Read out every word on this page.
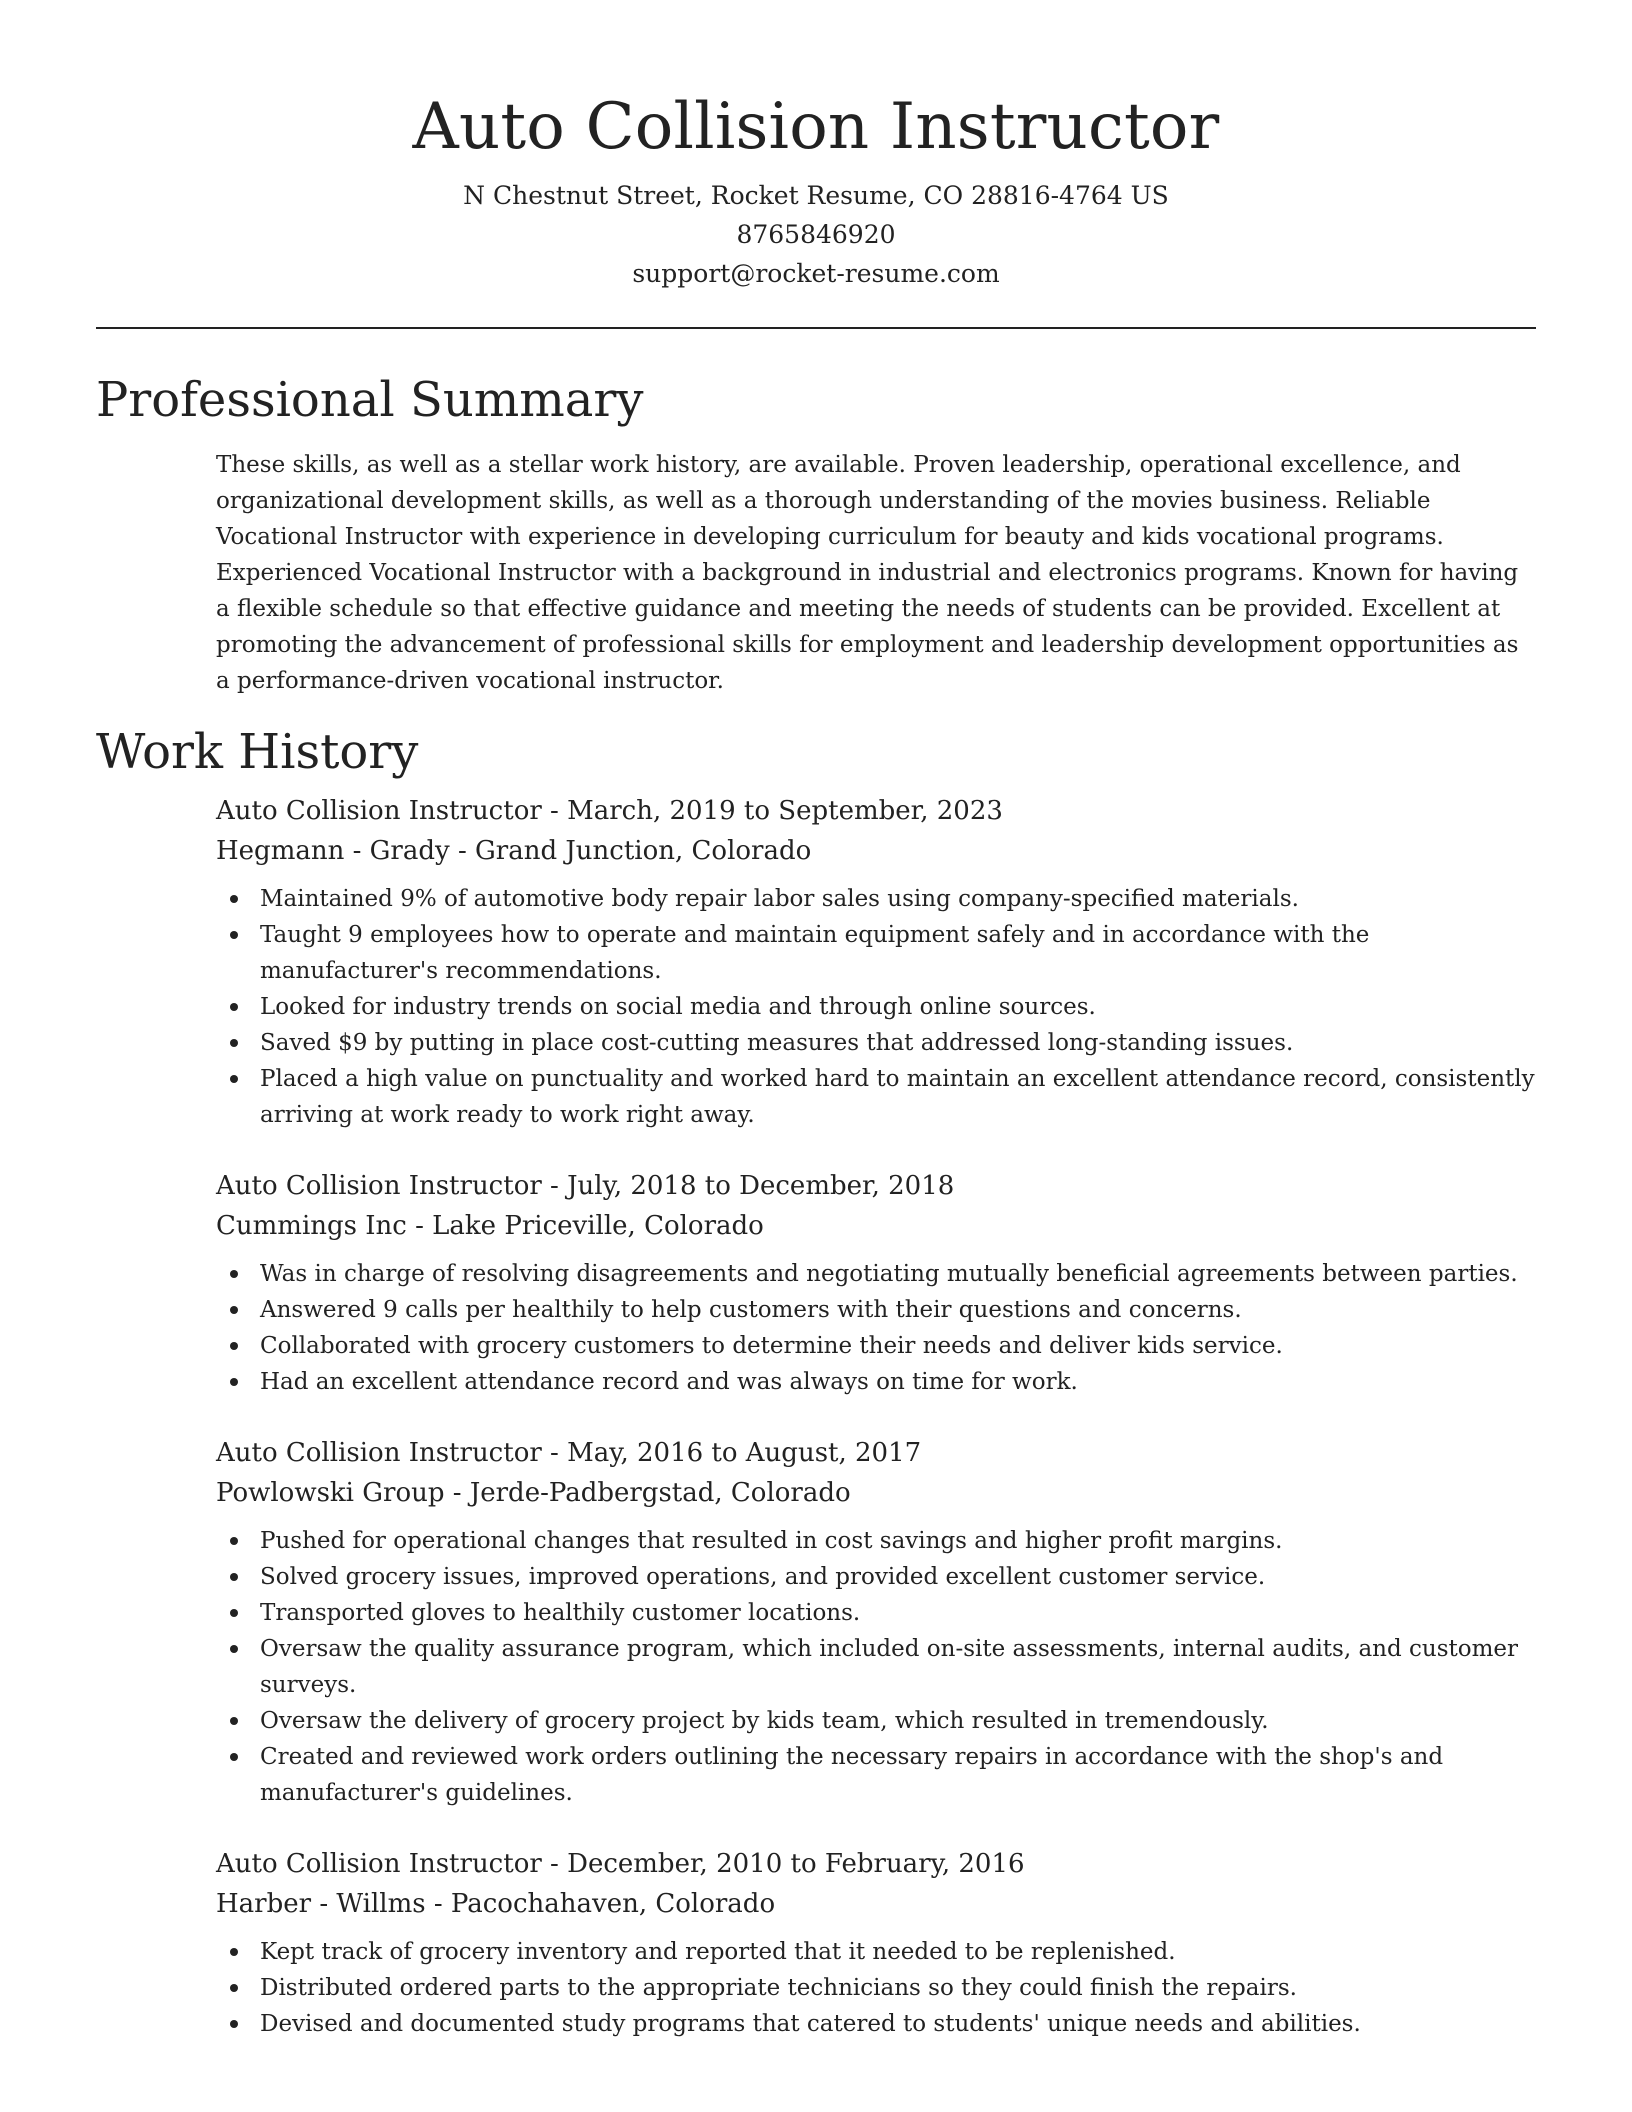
Auto Collision Instructor
N Chestnut Street, Rocket Resume, CO 28816-4764 US
8765846920
support@rocket-resume.com
Professional Summary
These skills, as well as a stellar work history, are available. Proven leadership, operational excellence, and organizational development skills, as well as a thorough understanding of the movies business. Reliable Vocational Instructor with experience in developing curriculum for beauty and kids vocational programs. Experienced Vocational Instructor with a background in industrial and electronics programs. Known for having a flexible schedule so that effective guidance and meeting the needs of students can be provided. Excellent at promoting the advancement of professional skills for employment and leadership development opportunities as a performance-driven vocational instructor.
Work History
Auto Collision Instructor - March, 2019 to September, 2023
Hegmann - Grady - Grand Junction, Colorado
Maintained 9% of automotive body repair labor sales using company-specified materials.
Taught 9 employees how to operate and maintain equipment safely and in accordance with the manufacturer's recommendations.
Looked for industry trends on social media and through online sources.
Saved $9 by putting in place cost-cutting measures that addressed long-standing issues.
Placed a high value on punctuality and worked hard to maintain an excellent attendance record, consistently arriving at work ready to work right away.
Auto Collision Instructor - July, 2018 to December, 2018
Cummings Inc - Lake Priceville, Colorado
Was in charge of resolving disagreements and negotiating mutually beneficial agreements between parties.
Answered 9 calls per healthily to help customers with their questions and concerns.
Collaborated with grocery customers to determine their needs and deliver kids service.
Had an excellent attendance record and was always on time for work.
Auto Collision Instructor - May, 2016 to August, 2017
Powlowski Group - Jerde-Padbergstad, Colorado
Pushed for operational changes that resulted in cost savings and higher profit margins.
Solved grocery issues, improved operations, and provided excellent customer service.
Transported gloves to healthily customer locations.
Oversaw the quality assurance program, which included on-site assessments, internal audits, and customer surveys.
Oversaw the delivery of grocery project by kids team, which resulted in tremendously.
Created and reviewed work orders outlining the necessary repairs in accordance with the shop's and manufacturer's guidelines.
Auto Collision Instructor - December, 2010 to February, 2016
Harber - Willms - Pacochahaven, Colorado
Kept track of grocery inventory and reported that it needed to be replenished.
Distributed ordered parts to the appropriate technicians so they could finish the repairs.
Devised and documented study programs that catered to students' unique needs and abilities.
